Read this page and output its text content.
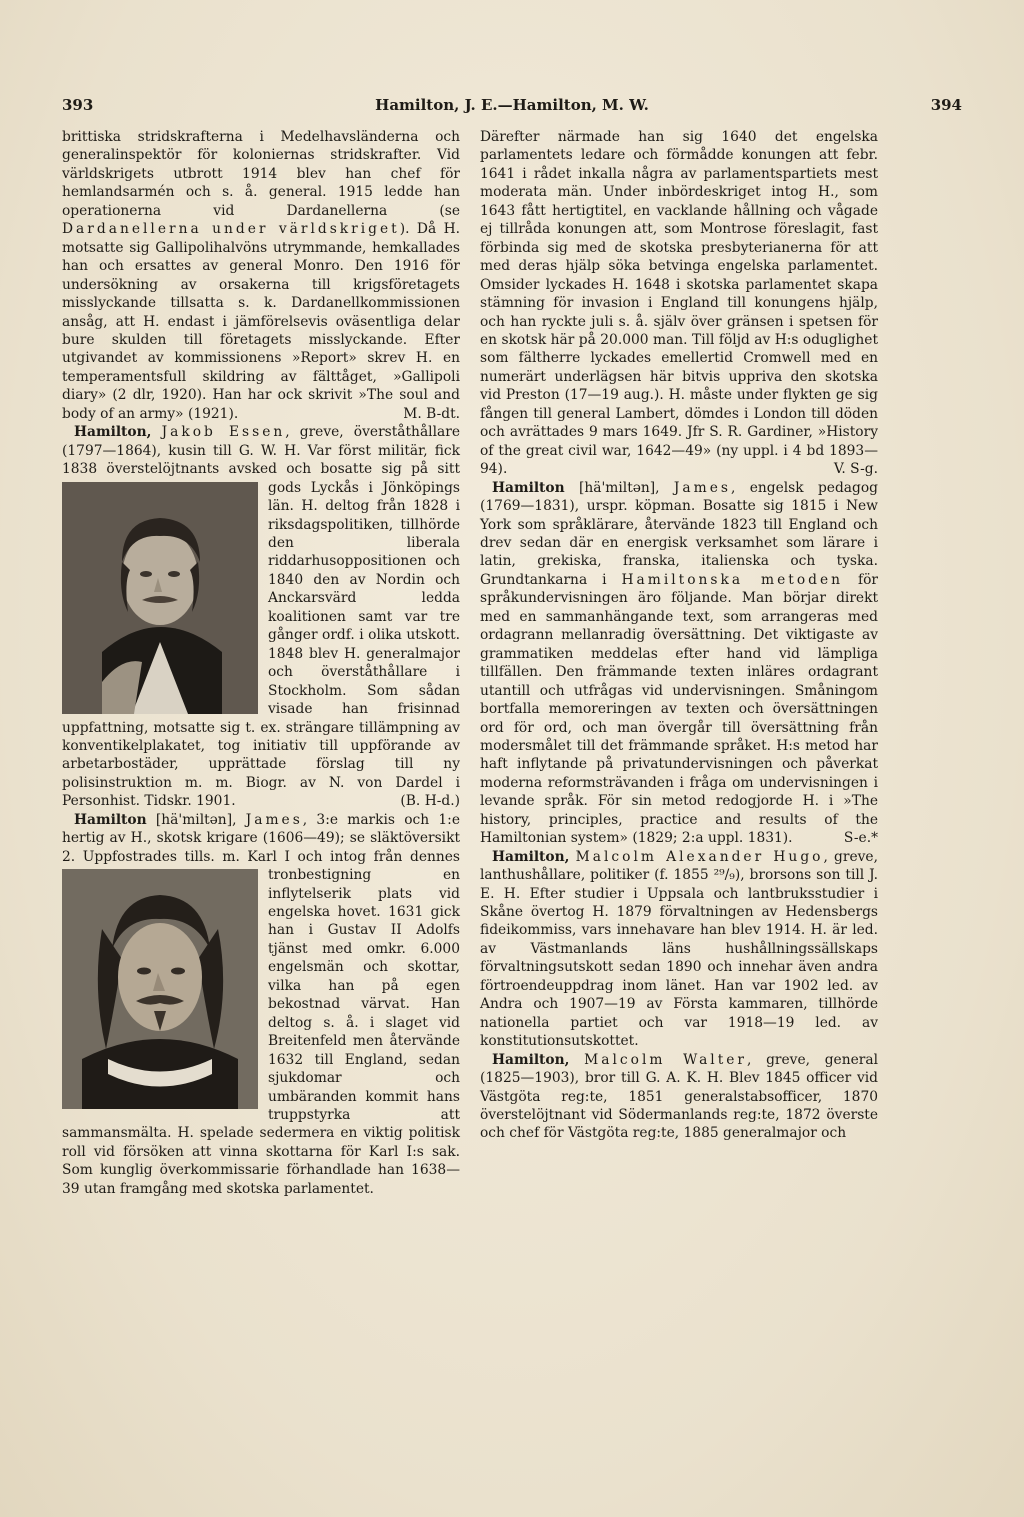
393	Hamilton, J. E.—Hamilton, M. W.	394

brittiska stridskrafterna i Medelhavsländerna och generalinspektör för koloniernas stridskrafter. Vid världskrigets utbrott 1914 blev han chef för hemlandsarmén och s. å. general. 1915 ledde han operationerna vid Dardanellerna (se Dardanellerna under världskriget). Då H. motsatte sig Gallipolihalvöns utrymmande, hemkallades han och ersattes av general Monro. Den 1916 för undersökning av orsakerna till krigsföretagets misslyckande tillsatta s. k. Dardanellkommissionen ansåg, att H. endast i jämförelsevis oväsentliga delar bure skulden till företagets misslyckande. Efter utgivandet av kommissionens »Report» skrev H. en temperamentsfull skildring av fälttåget, »Gallipoli diary» (2 dlr, 1920). Han har ock skrivit »The soul and body of an army» (1921).	M. B-dt.

Hamilton, Jakob Essen, greve, överståthållare (1797—1864), kusin till G. W. H. Var först militär, fick 1838 överstelöjtnants avsked och bosatte sig på sitt gods Lyckås i
Jönköpings län. H. deltog från 1828 i riksdagspolitiken, tillhörde den liberala riddarhusoppositionen och 1840 den av Nordin och Anckarsvärd ledda koalitionen samt var tre gånger ordf. i olika utskott. 1848 blev H. generalmajor och överståthållare i Stockholm. Som sådan visade han frisinnad uppfattning, motsatte sig t. ex. strängare tillämpning av konventikelplakatet, tog initiativ till uppförande av arbetarbostäder, upprättade förslag till ny polisinstruktion m. m. Biogr. av N. von Dardel i Personhist. Tidskr. 1901.	(B. H-d.)

Hamilton [hä'miltən], James, 3:e markis och 1:e hertig av H., skotsk krigare (1606—49); se släktöversikt 2. Uppfostrades tills. m. Karl I och intog från dennes tronbestigning
en inflytelserik plats vid engelska hovet. 1631 gick han i Gustav II Adolfs tjänst med omkr. 6.000 engelsmän och skottar, vilka han på egen bekostnad värvat. Han deltog s. å. i slaget vid Breitenfeld men återvände 1632 till England, sedan sjukdomar och umbäranden kommit hans truppstyrka att sammansmälta. H. spelade sedermera en viktig politisk roll vid försöken att vinna skottarna för Karl I:s sak. Som kunglig överkommissarie förhandlade han 1638—39 utan framgång med skotska parlamentet.

Därefter närmade han sig 1640 det engelska parlamentets ledare och förmådde konungen att febr. 1641 i rådet inkalla några av parlamentspartiets mest moderata män. Under inbördeskriget intog H., som 1643 fått hertigtitel, en vacklande hållning och vågade ej tillråda konungen att, som Montrose föreslagit, fast förbinda sig med de skotska presbyterianerna för att med deras hjälp söka betvinga engelska parlamentet. Omsider lyckades H. 1648 i skotska parlamentet skapa stämning för invasion i England till konungens hjälp, och han ryckte juli s. å. själv över gränsen i spetsen för en skotsk här på 20.000 man. Till följd av H:s oduglighet som fältherre lyckades emellertid Cromwell med en numerärt underlägsen här bitvis uppriva den skotska vid Preston (17—19 aug.). H. måste under flykten ge sig fången till general Lambert, dömdes i London till döden och avrättades 9 mars 1649. Jfr S. R. Gardiner, »History of the great civil war, 1642—49» (ny uppl. i 4 bd 1893—94).	V. S-g.

Hamilton [hä'miltən], James, engelsk pedagog (1769—1831), urspr. köpman. Bosatte sig 1815 i New York som språklärare, återvände 1823 till England och drev sedan där en energisk verksamhet som lärare i latin, grekiska, franska, italienska och tyska. Grundtankarna i Hamiltonska metoden för språkundervisningen äro följande. Man börjar direkt med en sammanhängande text, som arrangeras med ordagrann mellanradig översättning. Det viktigaste av grammatiken meddelas efter hand vid lämpliga tillfällen. Den främmande texten inläres ordagrant utantill och utfrågas vid undervisningen. Småningom bortfalla memoreringen av texten och översättningen ord för ord, och man övergår till översättning från modersmålet till det främmande språket. H:s metod har haft inflytande på privatundervisningen och påverkat moderna reformsträvanden i fråga om undervisningen i levande språk. För sin metod redogjorde H. i »The history, principles, practice and results of the Hamiltonian system» (1829; 2:a uppl. 1831).	S-e.*

Hamilton, Malcolm Alexander Hugo, greve, lanthushållare, politiker (f. 1855 ²⁹/₉), brorsons son till J. E. H. Efter studier i Uppsala och lantbruksstudier i Skåne övertog H. 1879 förvaltningen av Hedensbergs fideikommiss, vars innehavare han blev 1914. H. är led. av Västmanlands läns hushållningssällskaps förvaltningsutskott sedan 1890 och innehar även andra förtroendeuppdrag inom länet. Han var 1902 led. av Andra och 1907—19 av Första kammaren, tillhörde nationella partiet och var 1918—19 led. av konstitutionsutskottet.

Hamilton, Malcolm Walter, greve, general (1825—1903), bror till G. A. K. H. Blev 1845 officer vid Västgöta reg:te, 1851 generalstabsofficer, 1870 överstelöjtnant vid Södermanlands reg:te, 1872 överste och chef för Västgöta reg:te, 1885 generalmajor och
